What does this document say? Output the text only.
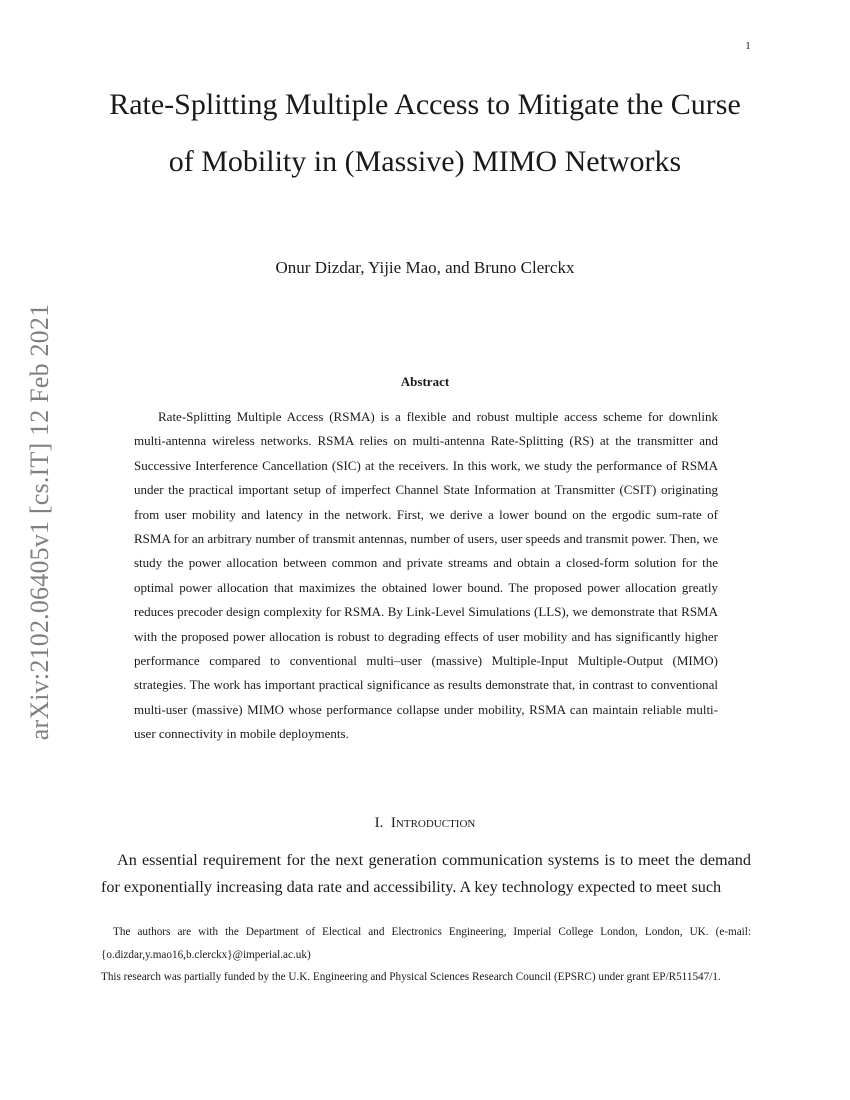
1
arXiv:2102.06405v1 [cs.IT] 12 Feb 2021
Rate-Splitting Multiple Access to Mitigate the Curse of Mobility in (Massive) MIMO Networks
Onur Dizdar, Yijie Mao, and Bruno Clerckx
Abstract

Rate-Splitting Multiple Access (RSMA) is a flexible and robust multiple access scheme for downlink multi-antenna wireless networks. RSMA relies on multi-antenna Rate-Splitting (RS) at the transmitter and Successive Interference Cancellation (SIC) at the receivers. In this work, we study the performance of RSMA under the practical important setup of imperfect Channel State Information at Transmitter (CSIT) originating from user mobility and latency in the network. First, we derive a lower bound on the ergodic sum-rate of RSMA for an arbitrary number of transmit antennas, number of users, user speeds and transmit power. Then, we study the power allocation between common and private streams and obtain a closed-form solution for the optimal power allocation that maximizes the obtained lower bound. The proposed power allocation greatly reduces precoder design complexity for RSMA. By Link-Level Simulations (LLS), we demonstrate that RSMA with the proposed power allocation is robust to degrading effects of user mobility and has significantly higher performance compared to conventional multi–user (massive) Multiple-Input Multiple-Output (MIMO) strategies. The work has important practical significance as results demonstrate that, in contrast to conventional multi-user (massive) MIMO whose performance collapse under mobility, RSMA can maintain reliable multi-user connectivity in mobile deployments.

I. Introduction

An essential requirement for the next generation communication systems is to meet the demand for exponentially increasing data rate and accessibility. A key technology expected to meet such

The authors are with the Department of Electical and Electronics Engineering, Imperial College London, London, UK. (e-mail: {o.dizdar,y.mao16,b.clerckx}@imperial.ac.uk)

This research was partially funded by the U.K. Engineering and Physical Sciences Research Council (EPSRC) under grant EP/R511547/1.
